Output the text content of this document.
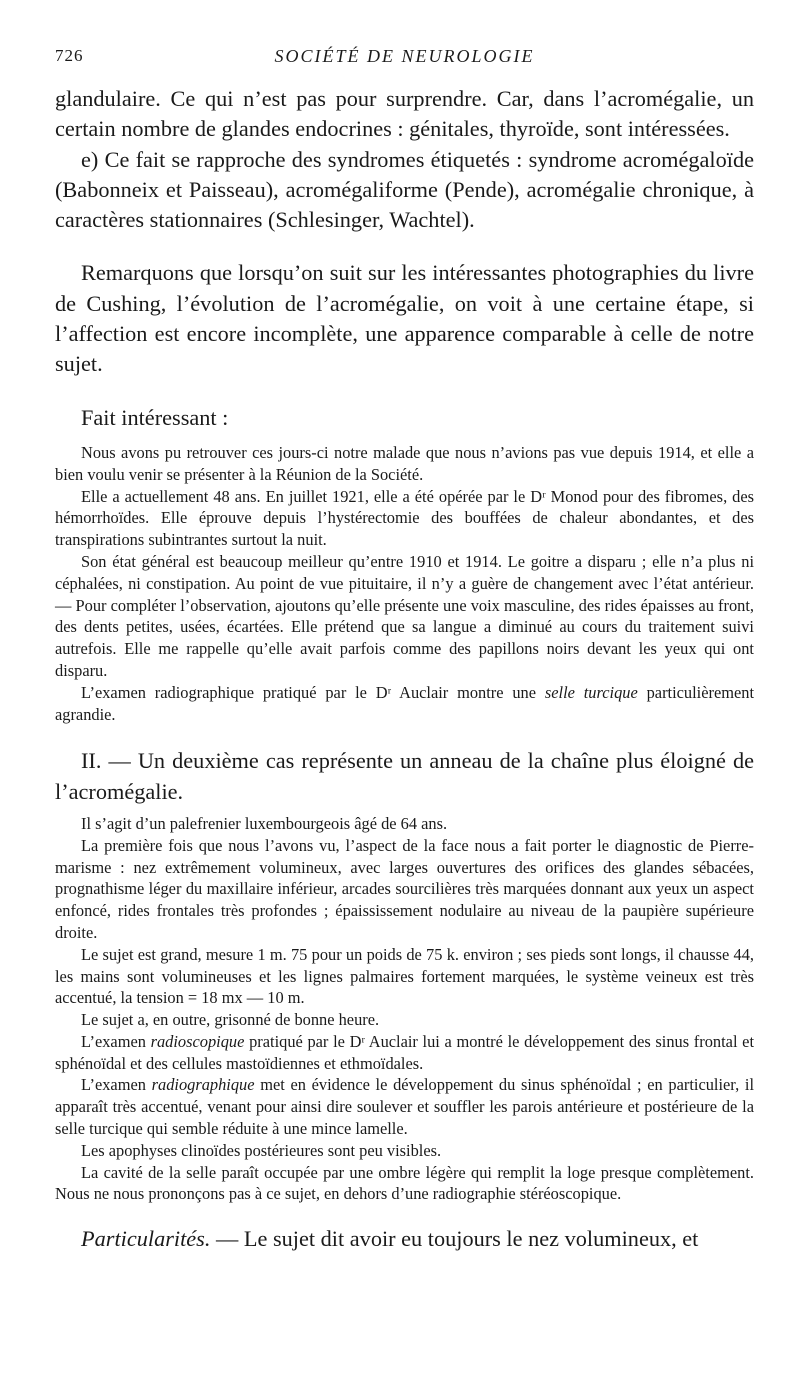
726	SOCIÉTÉ DE NEUROLOGIE

glandulaire. Ce qui n’est pas pour surprendre. Car, dans l’acromégalie, un certain nombre de glandes endocrines : génitales, thyroïde, sont intéressées.

e) Ce fait se rapproche des syndromes étiquetés : syndrome acromégaloïde (Babonneix et Paisseau), acromégaliforme (Pende), acromégalie chronique, à caractères stationnaires (Schlesinger, Wachtel).

Remarquons que lorsqu’on suit sur les intéressantes photographies du livre de Cushing, l’évolution de l’acromégalie, on voit à une certaine étape, si l’affection est encore incomplète, une apparence comparable à celle de notre sujet.

Fait intéressant :

Nous avons pu retrouver ces jours-ci notre malade que nous n’avions pas vue depuis 1914, et elle a bien voulu venir se présenter à la Réunion de la Société.

Elle a actuellement 48 ans. En juillet 1921, elle a été opérée par le Dʳ Monod pour des fibromes, des hémorrhoïdes. Elle éprouve depuis l’hystérectomie des bouffées de chaleur abondantes, et des transpirations subintrantes surtout la nuit.

Son état général est beaucoup meilleur qu’entre 1910 et 1914. Le goitre a disparu ; elle n’a plus ni céphalées, ni constipation. Au point de vue pituitaire, il n’y a guère de changement avec l’état antérieur. — Pour compléter l’observation, ajoutons qu’elle présente une voix masculine, des rides épaisses au front, des dents petites, usées, écartées. Elle prétend que sa langue a diminué au cours du traitement suivi autrefois. Elle me rappelle qu’elle avait parfois comme des papillons noirs devant les yeux qui ont disparu.

L’examen radiographique pratiqué par le Dʳ Auclair montre une selle turcique particulièrement agrandie.

II. — Un deuxième cas représente un anneau de la chaîne plus éloigné de l’acromégalie.

Il s’agit d’un palefrenier luxembourgeois âgé de 64 ans.

La première fois que nous l’avons vu, l’aspect de la face nous a fait porter le diagnostic de Pierre-marisme : nez extrêmement volumineux, avec larges ouvertures des orifices des glandes sébacées, prognathisme léger du maxillaire inférieur, arcades sourcilières très marquées donnant aux yeux un aspect enfoncé, rides frontales très profondes ; épaississement nodulaire au niveau de la paupière supérieure droite.

Le sujet est grand, mesure 1 m. 75 pour un poids de 75 k. environ ; ses pieds sont longs, il chausse 44, les mains sont volumineuses et les lignes palmaires fortement marquées, le système veineux est très accentué, la tension = 18 mx — 10 m.

Le sujet a, en outre, grisonné de bonne heure.

L’examen radioscopique pratiqué par le Dʳ Auclair lui a montré le développement des sinus frontal et sphénoïdal et des cellules mastoïdiennes et ethmoïdales.

L’examen radiographique met en évidence le développement du sinus sphénoïdal ; en particulier, il apparaît très accentué, venant pour ainsi dire soulever et souffler les parois antérieure et postérieure de la selle turcique qui semble réduite à une mince lamelle.

Les apophyses clinoïdes postérieures sont peu visibles.

La cavité de la selle paraît occupée par une ombre légère qui remplit la loge presque complètement. Nous ne nous prononçons pas à ce sujet, en dehors d’une radiographie stéréoscopique.

Particularités. — Le sujet dit avoir eu toujours le nez volumineux, et
